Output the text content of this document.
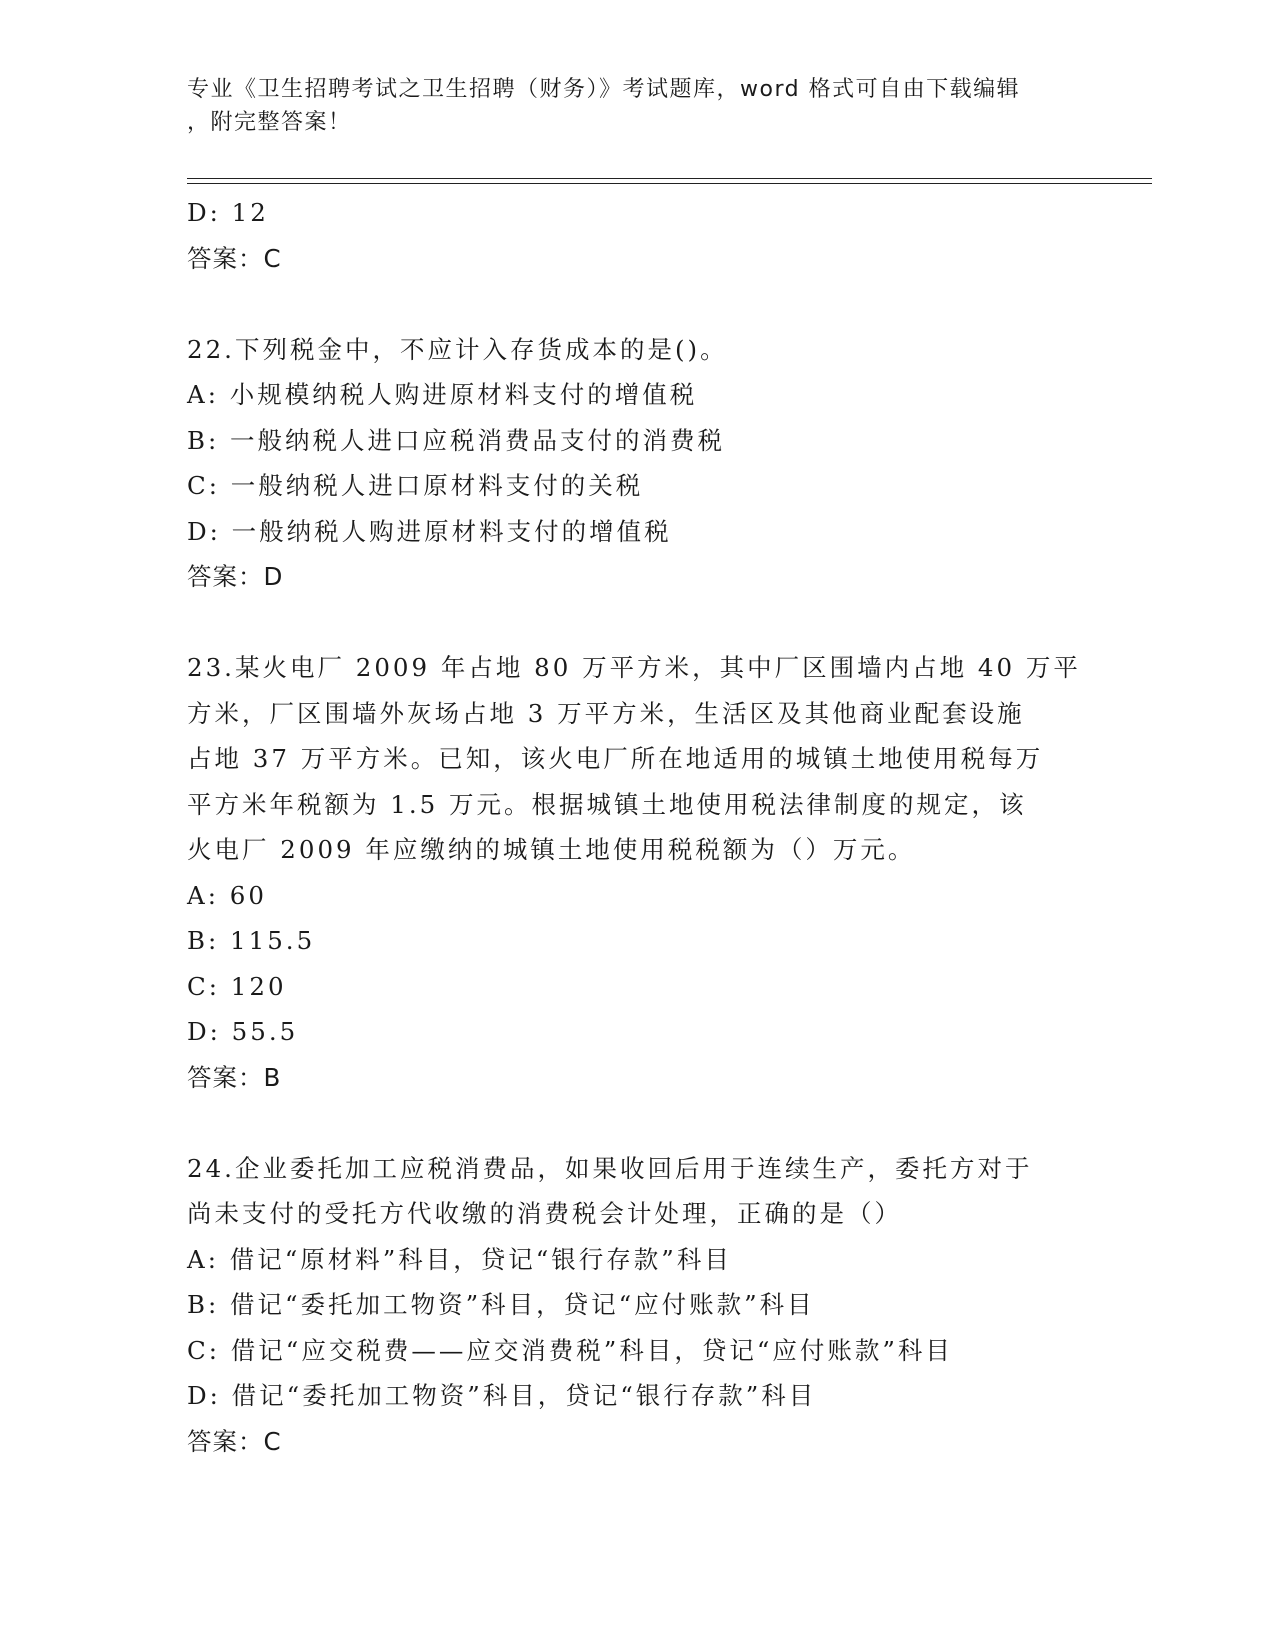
专业《卫生招聘考试之卫生招聘（财务）》考试题库，word 格式可自由下载编辑
，附完整答案！
D: 12
答案：C
22.下列税金中，不应计入存货成本的是()。
A: 小规模纳税人购进原材料支付的增值税
B: 一般纳税人进口应税消费品支付的消费税
C: 一般纳税人进口原材料支付的关税
D: 一般纳税人购进原材料支付的增值税
答案：D
23.某火电厂 2009 年占地 80 万平方米，其中厂区围墙内占地 40 万平
方米，厂区围墙外灰场占地 3 万平方米，生活区及其他商业配套设施
占地 37 万平方米。已知，该火电厂所在地适用的城镇土地使用税每万
平方米年税额为 1.5 万元。根据城镇土地使用税法律制度的规定，该
火电厂 2009 年应缴纳的城镇土地使用税税额为（）万元。
A: 60
B: 115.5
C: 120
D: 55.5
答案：B
24.企业委托加工应税消费品，如果收回后用于连续生产，委托方对于
尚未支付的受托方代收缴的消费税会计处理，正确的是（）
A: 借记“原材料”科目，贷记“银行存款”科目
B: 借记“委托加工物资”科目，贷记“应付账款”科目
C: 借记“应交税费——应交消费税”科目，贷记“应付账款”科目
D: 借记“委托加工物资”科目，贷记“银行存款”科目
答案：C
